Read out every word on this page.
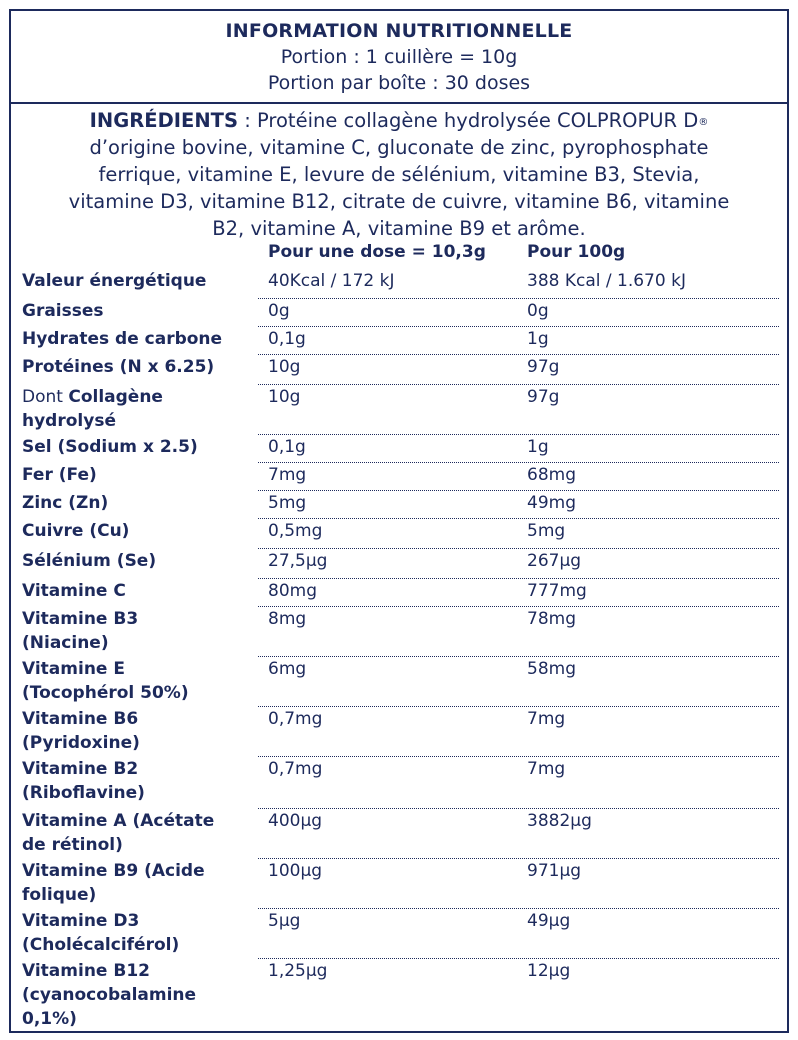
INFORMATION NUTRITIONNELLE
Portion : 1 cuillère = 10g
Portion par boîte : 30 doses
INGRÉDIENTS : Protéine collagène hydrolysée COLPROPUR D®
d’origine bovine, vitamine C, gluconate de zinc, pyrophosphate
ferrique, vitamine E, levure de sélénium, vitamine B3, Stevia,
vitamine D3, vitamine B12, citrate de cuivre, vitamine B6, vitamine
B2, vitamine A, vitamine B9 et arôme.
Pour une dose = 10,3g Pour 100g
Valeur énergétique	40Kcal / 172 kJ	388 Kcal / 1.670 kJ
Graisses	0g	0g
Hydrates de carbone	0,1g	1g
Protéines (N x 6.25)	10g	97g
Dont Collagène
hydrolysé
10g	97g
Sel (Sodium x 2.5)	0,1g	1g
Fer (Fe)	7mg	68mg
Zinc (Zn)	5mg	49mg
Cuivre (Cu)	0,5mg	5mg
Sélénium (Se)	27,5µg	267µg
Vitamine C	80mg	777mg
Vitamine B3
(Niacine)
8mg	78mg
Vitamine E
(Tocophérol 50%)
6mg	58mg
Vitamine B6
(Pyridoxine)
0,7mg	7mg
Vitamine B2
(Riboflavine)
0,7mg	7mg
Vitamine A (Acétate
de rétinol)
400µg	3882µg
Vitamine B9 (Acide
folique)
100µg	971µg
Vitamine D3
(Cholécalciférol)
5µg	49µg
Vitamine B12
(cyanocobalamine
0,1%)
1,25µg	12µg
